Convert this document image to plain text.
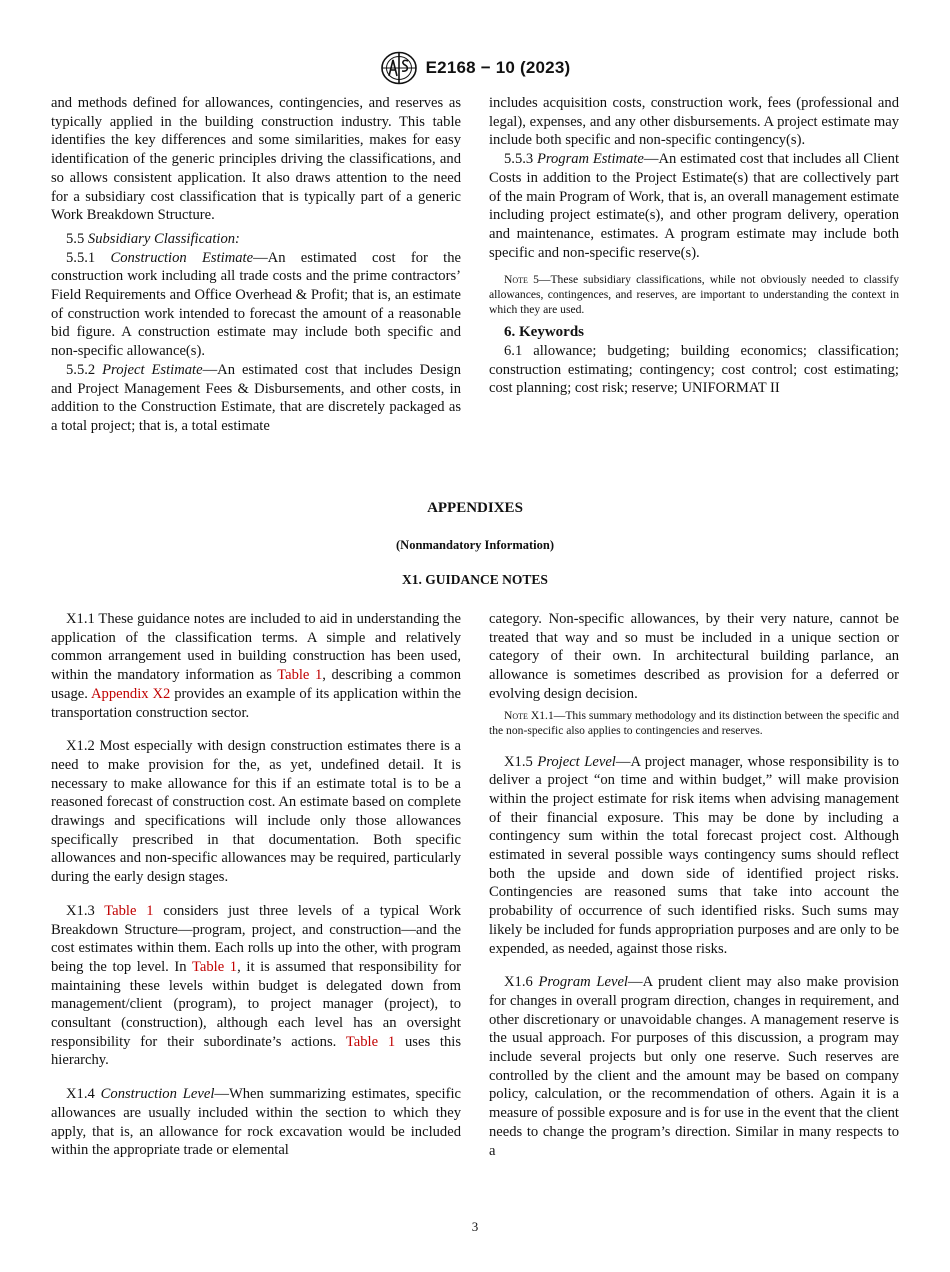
E2168 − 10 (2023)

and methods defined for allowances, contingencies, and reserves as typically applied in the building construction industry. This table identifies the key differences and some similarities, makes for easy identification of the generic principles driving the classifications, and so allows consistent application. It also draws attention to the need for a subsidiary cost classification that is typically part of a generic Work Breakdown Structure.

5.5 Subsidiary Classification:

5.5.1 Construction Estimate—An estimated cost for the construction work including all trade costs and the prime contractors’ Field Requirements and Office Overhead & Profit; that is, an estimate of construction work intended to forecast the amount of a reasonable bid figure. A construction estimate may include both specific and non-specific allowance(s).

5.5.2 Project Estimate—An estimated cost that includes Design and Project Management Fees & Disbursements, and other costs, in addition to the Construction Estimate, that are discretely packaged as a total project; that is, a total estimate

includes acquisition costs, construction work, fees (professional and legal), expenses, and any other disbursements. A project estimate may include both specific and non-specific contingency(s).

5.5.3 Program Estimate—An estimated cost that includes all Client Costs in addition to the Project Estimate(s) that are collectively part of the main Program of Work, that is, an overall management estimate including project estimate(s), and other program delivery, operation and maintenance, estimates. A program estimate may include both specific and non-specific reserve(s).

Note 5—These subsidiary classifications, while not obviously needed to classify allowances, contingences, and reserves, are important to understanding the context in which they are used.

6. Keywords

6.1 allowance; budgeting; building economics; classification; construction estimating; contingency; cost control; cost estimating; cost planning; cost risk; reserve; UNIFORMAT II

APPENDIXES
(Nonmandatory Information)
X1. GUIDANCE NOTES

X1.1 These guidance notes are included to aid in understanding the application of the classification terms. A simple and relatively common arrangement used in building construction has been used, within the mandatory information as Table 1, describing a common usage. Appendix X2 provides an example of its application within the transportation construction sector.

X1.2 Most especially with design construction estimates there is a need to make provision for the, as yet, undefined detail. It is necessary to make allowance for this if an estimate total is to be a reasoned forecast of construction cost. An estimate based on complete drawings and specifications will include only those allowances specifically prescribed in that documentation. Both specific allowances and non-specific allowances may be required, particularly during the early design stages.

X1.3 Table 1 considers just three levels of a typical Work Breakdown Structure—program, project, and construction—and the cost estimates within them. Each rolls up into the other, with program being the top level. In Table 1, it is assumed that responsibility for maintaining these levels within budget is delegated down from management/client (program), to project manager (project), to consultant (construction), although each level has an oversight responsibility for their subordinate’s actions. Table 1 uses this hierarchy.

X1.4 Construction Level—When summarizing estimates, specific allowances are usually included within the section to which they apply, that is, an allowance for rock excavation would be included within the appropriate trade or elemental

category. Non-specific allowances, by their very nature, cannot be treated that way and so must be included in a unique section or category of their own. In architectural building parlance, an allowance is sometimes described as provision for a deferred or evolving design decision.

Note X1.1—This summary methodology and its distinction between the specific and the non-specific also applies to contingencies and reserves.

X1.5 Project Level—A project manager, whose responsibility is to deliver a project “on time and within budget,” will make provision within the project estimate for risk items when advising management of their financial exposure. This may be done by including a contingency sum within the total forecast project cost. Although estimated in several possible ways contingency sums should reflect both the upside and down side of identified project risks. Contingencies are reasoned sums that take into account the probability of occurrence of such identified risks. Such sums may likely be included for funds appropriation purposes and are only to be expended, as needed, against those risks.

X1.6 Program Level—A prudent client may also make provision for changes in overall program direction, changes in requirement, and other discretionary or unavoidable changes. A management reserve is the usual approach. For purposes of this discussion, a program may include several projects but only one reserve. Such reserves are controlled by the client and the amount may be based on company policy, calculation, or the recommendation of others. Again it is a measure of possible exposure and is for use in the event that the client needs to change the program’s direction. Similar in many respects to a

3
